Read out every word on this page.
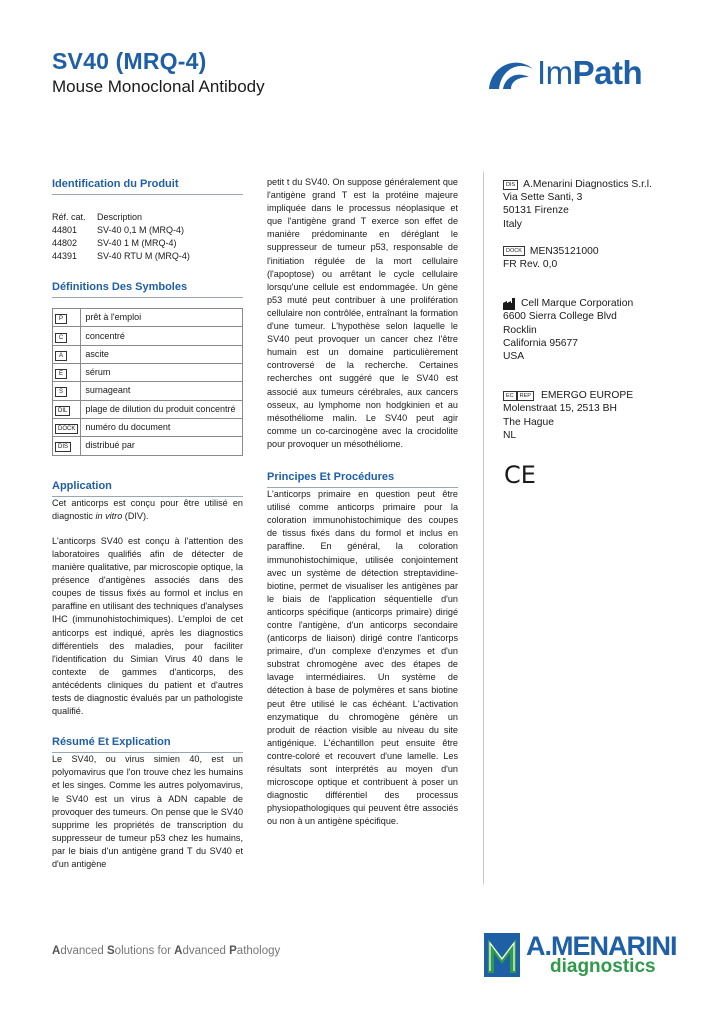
SV40 (MRQ-4)
Mouse Monoclonal Antibody	ImPath
Identification du Produit
Réf. cat.	Description
44801	SV-40 0,1 M (MRQ-4)
44802	SV-40 1 M (MRQ-4)
44391	SV-40 RTU M (MRQ-4)
Définitions Des Symboles
P	prêt à l'emploi
C	concentré
A	ascite
E	sérum
S	surnageant
DIL	plage de dilution du produit concentré
DOCK	numéro du document
DIS	distribué par
Application

Cet anticorps est conçu pour être utilisé en diagnostic in vitro (DIV).

L'anticorps SV40 est conçu à l'attention des laboratoires qualifiés afin de détecter de manière qualitative, par microscopie optique, la présence d'antigènes associés dans des coupes de tissus fixés au formol et inclus en paraffine en utilisant des techniques d'analyses IHC (immunohistochimiques). L'emploi de cet anticorps est indiqué, après les diagnostics différentiels des maladies, pour faciliter l'identification du Simian Virus 40 dans le contexte de gammes d'anticorps, des antécédents cliniques du patient et d'autres tests de diagnostic évalués par un pathologiste qualifié.

Résumé Et Explication

Le SV40, ou virus simien 40, est un polyomavirus que l'on trouve chez les humains et les singes. Comme les autres polyomavirus, le SV40 est un virus à ADN capable de provoquer des tumeurs. On pense que le SV40 supprime les propriétés de transcription du suppresseur de tumeur p53 chez les humains, par le biais d'un antigène grand T du SV40 et d'un antigène

petit t du SV40. On suppose généralement que l'antigène grand T est la protéine majeure impliquée dans le processus néoplasique et que l'antigène grand T exerce son effet de manière prédominante en déréglant le suppresseur de tumeur p53, responsable de l'initiation régulée de la mort cellulaire (l'apoptose) ou arrêtant le cycle cellulaire lorsqu'une cellule est endommagée. Un gène p53 muté peut contribuer à une prolifération cellulaire non contrôlée, entraînant la formation d'une tumeur. L'hypothèse selon laquelle le SV40 peut provoquer un cancer chez l'être humain est un domaine particulièrement controversé de la recherche. Certaines recherches ont suggéré que le SV40 est associé aux tumeurs cérébrales, aux cancers osseux, au lymphome non hodgkinien et au mésothéliome malin. Le SV40 peut agir comme un co-carcinogène avec la crocidolite pour provoquer un mésothéliome.

Principes Et Procédures

L'anticorps primaire en question peut être utilisé comme anticorps primaire pour la coloration immunohistochimique des coupes de tissus fixés dans du formol et inclus en paraffine. En général, la coloration immunohistochimique, utilisée conjointement avec un système de détection streptavidine-biotine, permet de visualiser les antigènes par le biais de l'application séquentielle d'un anticorps spécifique (anticorps primaire) dirigé contre l'antigène, d'un anticorps secondaire (anticorps de liaison) dirigé contre l'anticorps primaire, d'un complexe d'enzymes et d'un substrat chromogène avec des étapes de lavage intermédiaires. Un système de détection à base de polymères et sans biotine peut être utilisé le cas échéant. L'activation enzymatique du chromogène génère un produit de réaction visible au niveau du site antigénique. L'échantillon peut ensuite être contre-coloré et recouvert d'une lamelle. Les résultats sont interprétés au moyen d'un microscope optique et contribuent à poser un diagnostic différentiel des processus physiopathologiques qui peuvent être associés ou non à un antigène spécifique.

DIS A.Menarini Diagnostics S.r.l.
Via Sette Santi, 3
50131 Firenze
Italy
DOCK MEN35121000
FR Rev. 0,0
Cell Marque Corporation
6600 Sierra College Blvd
Rocklin
California 95677
USA
EC	REP EMERGO EUROPE
Molenstraat 15, 2513 BH
The Hague
NL
CE
Advanced Solutions for Advanced Pathology	A.MENARINI
diagnostics
